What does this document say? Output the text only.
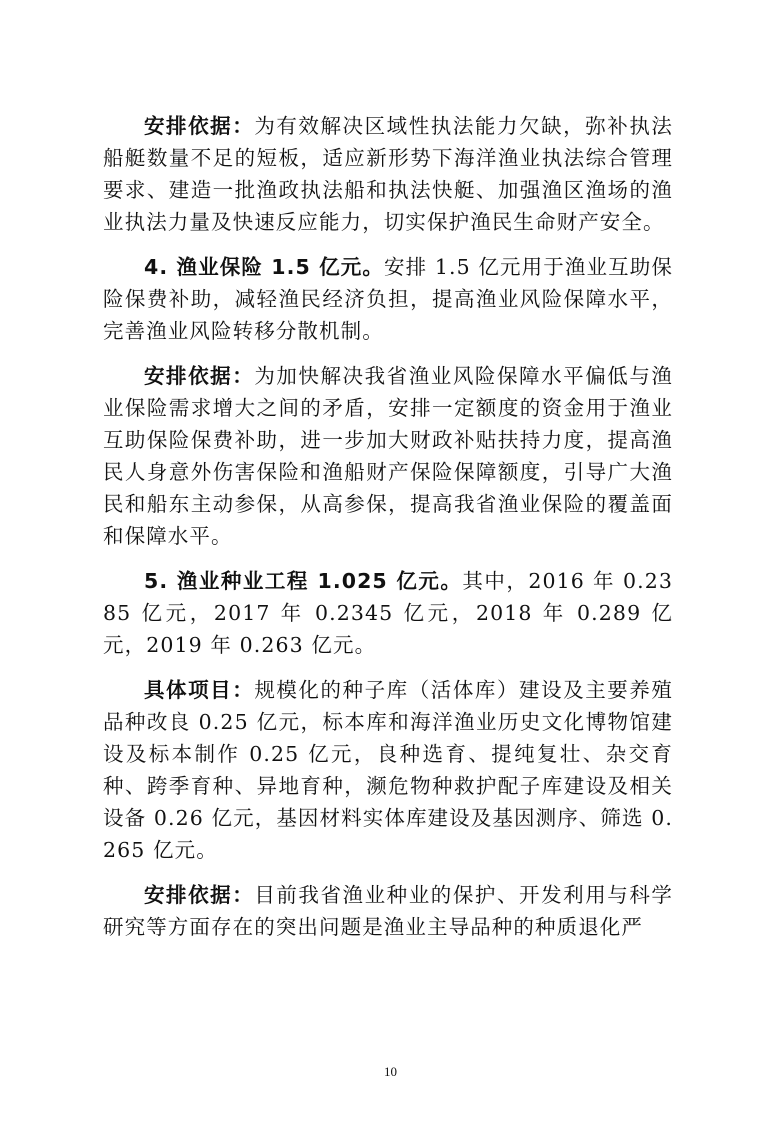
安排依据：为有效解决区域性执法能力欠缺，弥补执法船艇数量不足的短板，适应新形势下海洋渔业执法综合管理要求、建造一批渔政执法船和执法快艇、加强渔区渔场的渔业执法力量及快速反应能力，切实保护渔民生命财产安全。

4. 渔业保险 1.5 亿元。安排 1.5 亿元用于渔业互助保险保费补助，减轻渔民经济负担，提高渔业风险保障水平，完善渔业风险转移分散机制。

安排依据：为加快解决我省渔业风险保障水平偏低与渔业保险需求增大之间的矛盾，安排一定额度的资金用于渔业互助保险保费补助，进一步加大财政补贴扶持力度，提高渔民人身意外伤害保险和渔船财产保险保障额度，引导广大渔民和船东主动参保，从高参保，提高我省渔业保险的覆盖面和保障水平。

5. 渔业种业工程 1.025 亿元。其中，2016 年 0.2385 亿元，2017 年 0.2345 亿元，2018 年 0.289 亿元，2019 年 0.263 亿元。

具体项目：规模化的种子库（活体库）建设及主要养殖品种改良 0.25 亿元，标本库和海洋渔业历史文化博物馆建设及标本制作 0.25 亿元，良种选育、提纯复壮、杂交育种、跨季育种、异地育种，濒危物种救护配子库建设及相关设备 0.26 亿元，基因材料实体库建设及基因测序、筛选 0.265 亿元。

安排依据：目前我省渔业种业的保护、开发利用与科学研究等方面存在的突出问题是渔业主导品种的种质退化严

10
